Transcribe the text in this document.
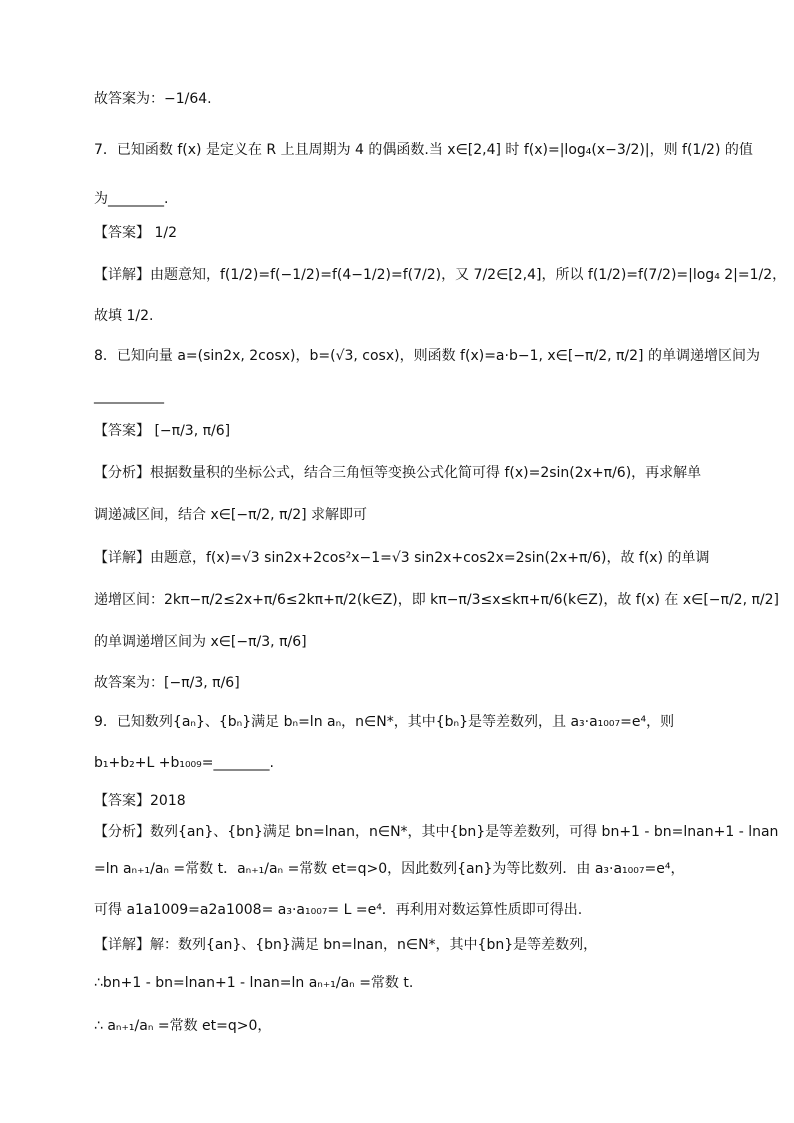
故答案为：−1/64.
7．已知函数 f(x) 是定义在 R 上且周期为 4 的偶函数.当 x∈[2,4] 时 f(x)=|log₄(x−3/2)|，则 f(1/2) 的值
为________.
【答案】 1/2
【详解】由题意知，f(1/2)=f(−1/2)=f(4−1/2)=f(7/2)，又 7/2∈[2,4]，所以 f(1/2)=f(7/2)=|log₄ 2|=1/2，
故填 1/2.
8．已知向量 a=(sin2x, 2cosx)，b=(√3, cosx)，则函数 f(x)=a·b−1, x∈[−π/2, π/2] 的单调递增区间为
__________
【答案】 [−π/3, π/6]
【分析】根据数量积的坐标公式，结合三角恒等变换公式化简可得 f(x)=2sin(2x+π/6)，再求解单
调递减区间，结合 x∈[−π/2, π/2] 求解即可
【详解】由题意，f(x)=√3 sin2x+2cos²x−1=√3 sin2x+cos2x=2sin(2x+π/6)，故 f(x) 的单调
递增区间：2kπ−π/2≤2x+π/6≤2kπ+π/2(k∈Z)，即 kπ−π/3≤x≤kπ+π/6(k∈Z)，故 f(x) 在 x∈[−π/2, π/2]
的单调递增区间为 x∈[−π/3, π/6]
故答案为：[−π/3, π/6]
9．已知数列{aₙ}、{bₙ}满足 bₙ=ln aₙ，n∈N*，其中{bₙ}是等差数列，且 a₃·a₁₀₀₇=e⁴，则
b₁+b₂+L +b₁₀₀₉=________.
【答案】2018
【分析】数列{an}、{bn}满足 bn=lnan，n∈N*，其中{bn}是等差数列，可得 bn+1 - bn=lnan+1 - lnan
=ln aₙ₊₁/aₙ =常数 t．aₙ₊₁/aₙ =常数 et=q>0，因此数列{an}为等比数列．由 a₃·a₁₀₀₇=e⁴，
可得 a1a1009=a2a1008= a₃·a₁₀₀₇= L =e⁴．再利用对数运算性质即可得出.
【详解】解：数列{an}、{bn}满足 bn=lnan，n∈N*，其中{bn}是等差数列，
∴bn+1 - bn=lnan+1 - lnan=ln aₙ₊₁/aₙ =常数 t.
∴ aₙ₊₁/aₙ =常数 et=q>0，
